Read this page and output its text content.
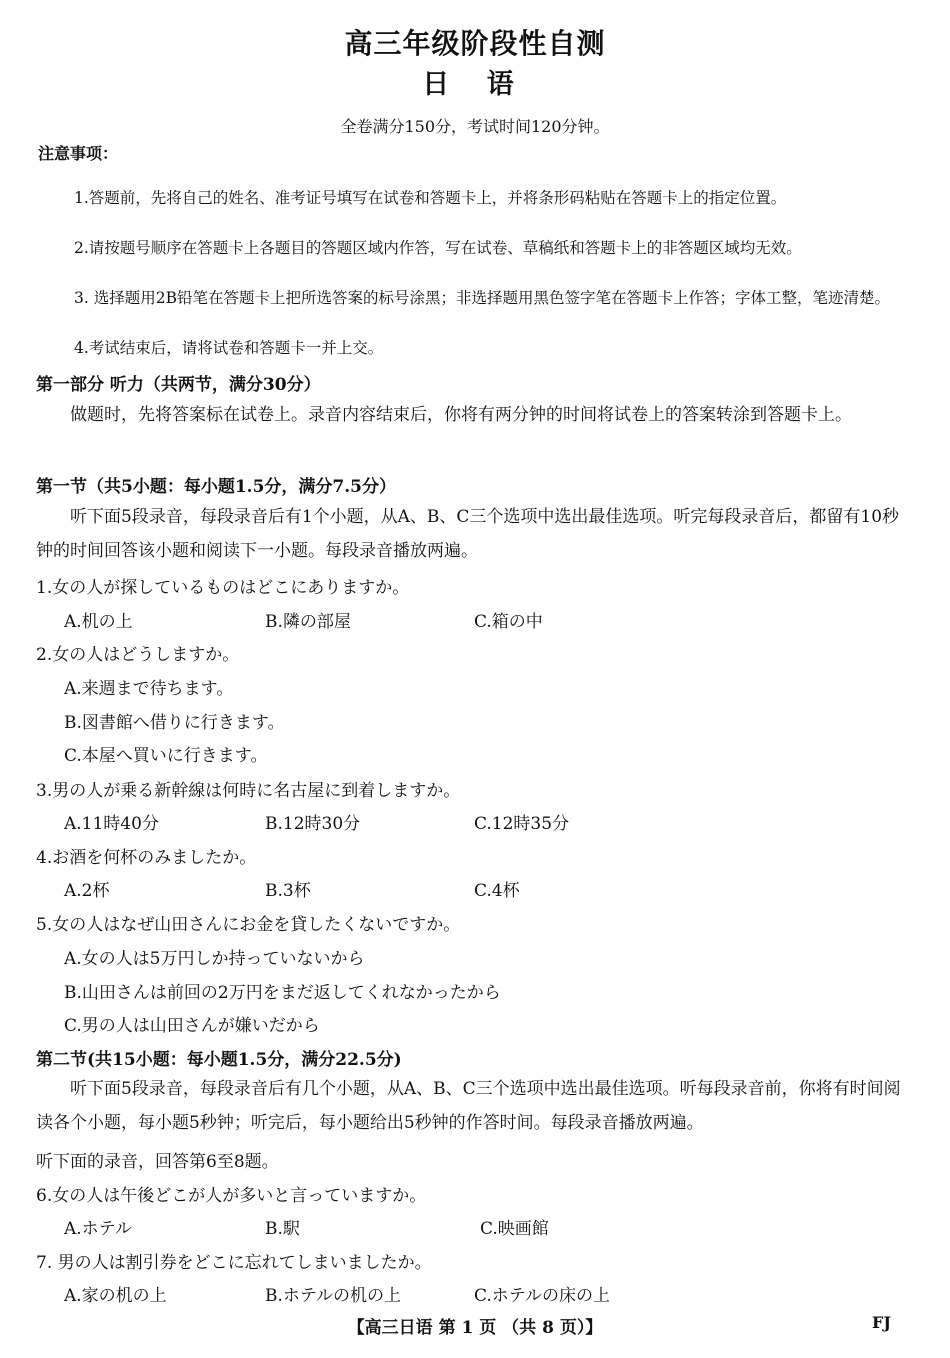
高三年级阶段性自测
日 语
全卷满分150分，考试时间120分钟。
注意事项：
1.答题前，先将自己的姓名、准考证号填写在试卷和答题卡上，并将条形码粘贴在答题卡上的指定位置。
2.请按题号顺序在答题卡上各题目的答题区域内作答，写在试卷、草稿纸和答题卡上的非答题区域均无效。
3. 选择题用2B铅笔在答题卡上把所选答案的标号涂黑；非选择题用黑色签字笔在答题卡上作答；字体工整，笔迹清楚。
4.考试结束后，请将试卷和答题卡一并上交。
第一部分 听力（共两节，满分30分）
做题时，先将答案标在试卷上。录音内容结束后，你将有两分钟的时间将试卷上的答案转涂到答题卡上。
第一节（共5小题：每小题1.5分，满分7.5分）
听下面5段录音，每段录音后有1个小题，从A、B、C三个选项中选出最佳选项。听完每段录音后，都留有10秒钟的时间回答该小题和阅读下一小题。每段录音播放两遍。
1.女の人が探しているものはどこにありますか。
A.机の上	B.隣の部屋	C.箱の中
2.女の人はどうしますか。
A.来週まで待ちます。
B.図書館へ借りに行きます。
C.本屋へ買いに行きます。
3.男の人が乗る新幹線は何時に名古屋に到着しますか。
A.11時40分	B.12時30分	C.12時35分
4.お酒を何杯のみましたか。
A.2杯	B.3杯	C.4杯
5.女の人はなぜ山田さんにお金を貸したくないですか。
A.女の人は5万円しか持っていないから
B.山田さんは前回の2万円をまだ返してくれなかったから
C.男の人は山田さんが嫌いだから
第二节(共15小题：每小题1.5分，满分22.5分)
听下面5段录音，每段录音后有几个小题，从A、B、C三个选项中选出最佳选项。听每段录音前，你将有时间阅读各个小题，每小题5秒钟；听完后，每小题给出5秒钟的作答时间。每段录音播放两遍。
听下面的录音，回答第6至8题。
6.女の人は午後どこが人が多いと言っていますか。
A.ホテル	B.駅	C.映画館
7. 男の人は割引券をどこに忘れてしまいましたか。
A.家の机の上	B.ホテルの机の上	C.ホテルの床の上
【高三日语 第 1 页 （共 8 页）】	FJ
